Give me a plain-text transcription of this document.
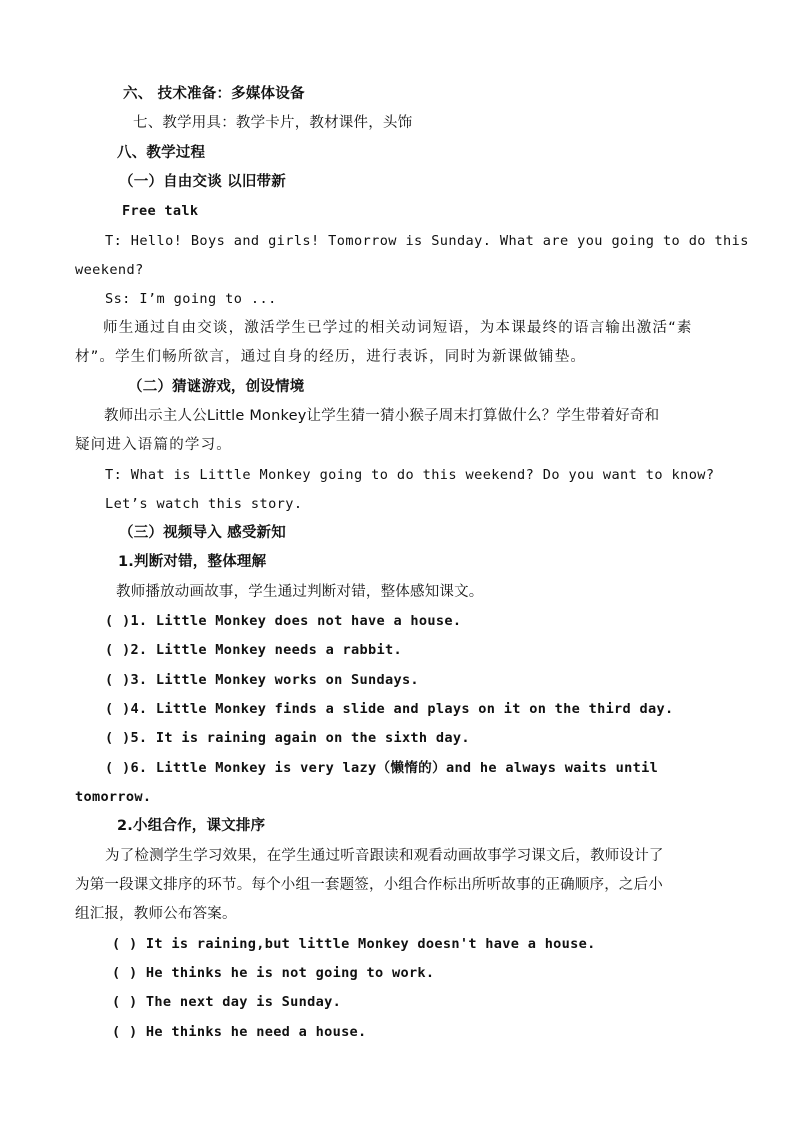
六、 技术准备：多媒体设备
七、教学用具：教学卡片，教材课件，头饰
八、教学过程
（一）自由交谈 以旧带新
Free talk
T: Hello! Boys and girls! Tomorrow is Sunday. What are you going to do this
weekend?
Ss: I’m going to ...
师生通过自由交谈，激活学生已学过的相关动词短语，为本课最终的语言输出激活“素
材”。学生们畅所欲言，通过自身的经历，进行表诉，同时为新课做铺垫。
（二）猜谜游戏，创设情境
教师出示主人公Little Monkey让学生猜一猜小猴子周末打算做什么？学生带着好奇和
疑问进入语篇的学习。
T: What is Little Monkey going to do this weekend? Do you want to know?
Let’s watch this story.
（三）视频导入 感受新知
1.判断对错，整体理解
教师播放动画故事，学生通过判断对错，整体感知课文。
( )1. Little Monkey does not have a house.
( )2. Little Monkey needs a rabbit.
( )3. Little Monkey works on Sundays.
( )4. Little Monkey finds a slide and plays on it on the third day.
( )5. It is raining again on the sixth day.
( )6. Little Monkey is very lazy（懒惰的）and he always waits until
tomorrow.
2.小组合作，课文排序
为了检测学生学习效果，在学生通过听音跟读和观看动画故事学习课文后，教师设计了
为第一段课文排序的环节。每个小组一套题签，小组合作标出所听故事的正确顺序，之后小
组汇报，教师公布答案。
( ) It is raining,but little Monkey doesn't have a house.
( ) He thinks he is not going to work.
( ) The next day is Sunday.
( ) He thinks he need a house.
